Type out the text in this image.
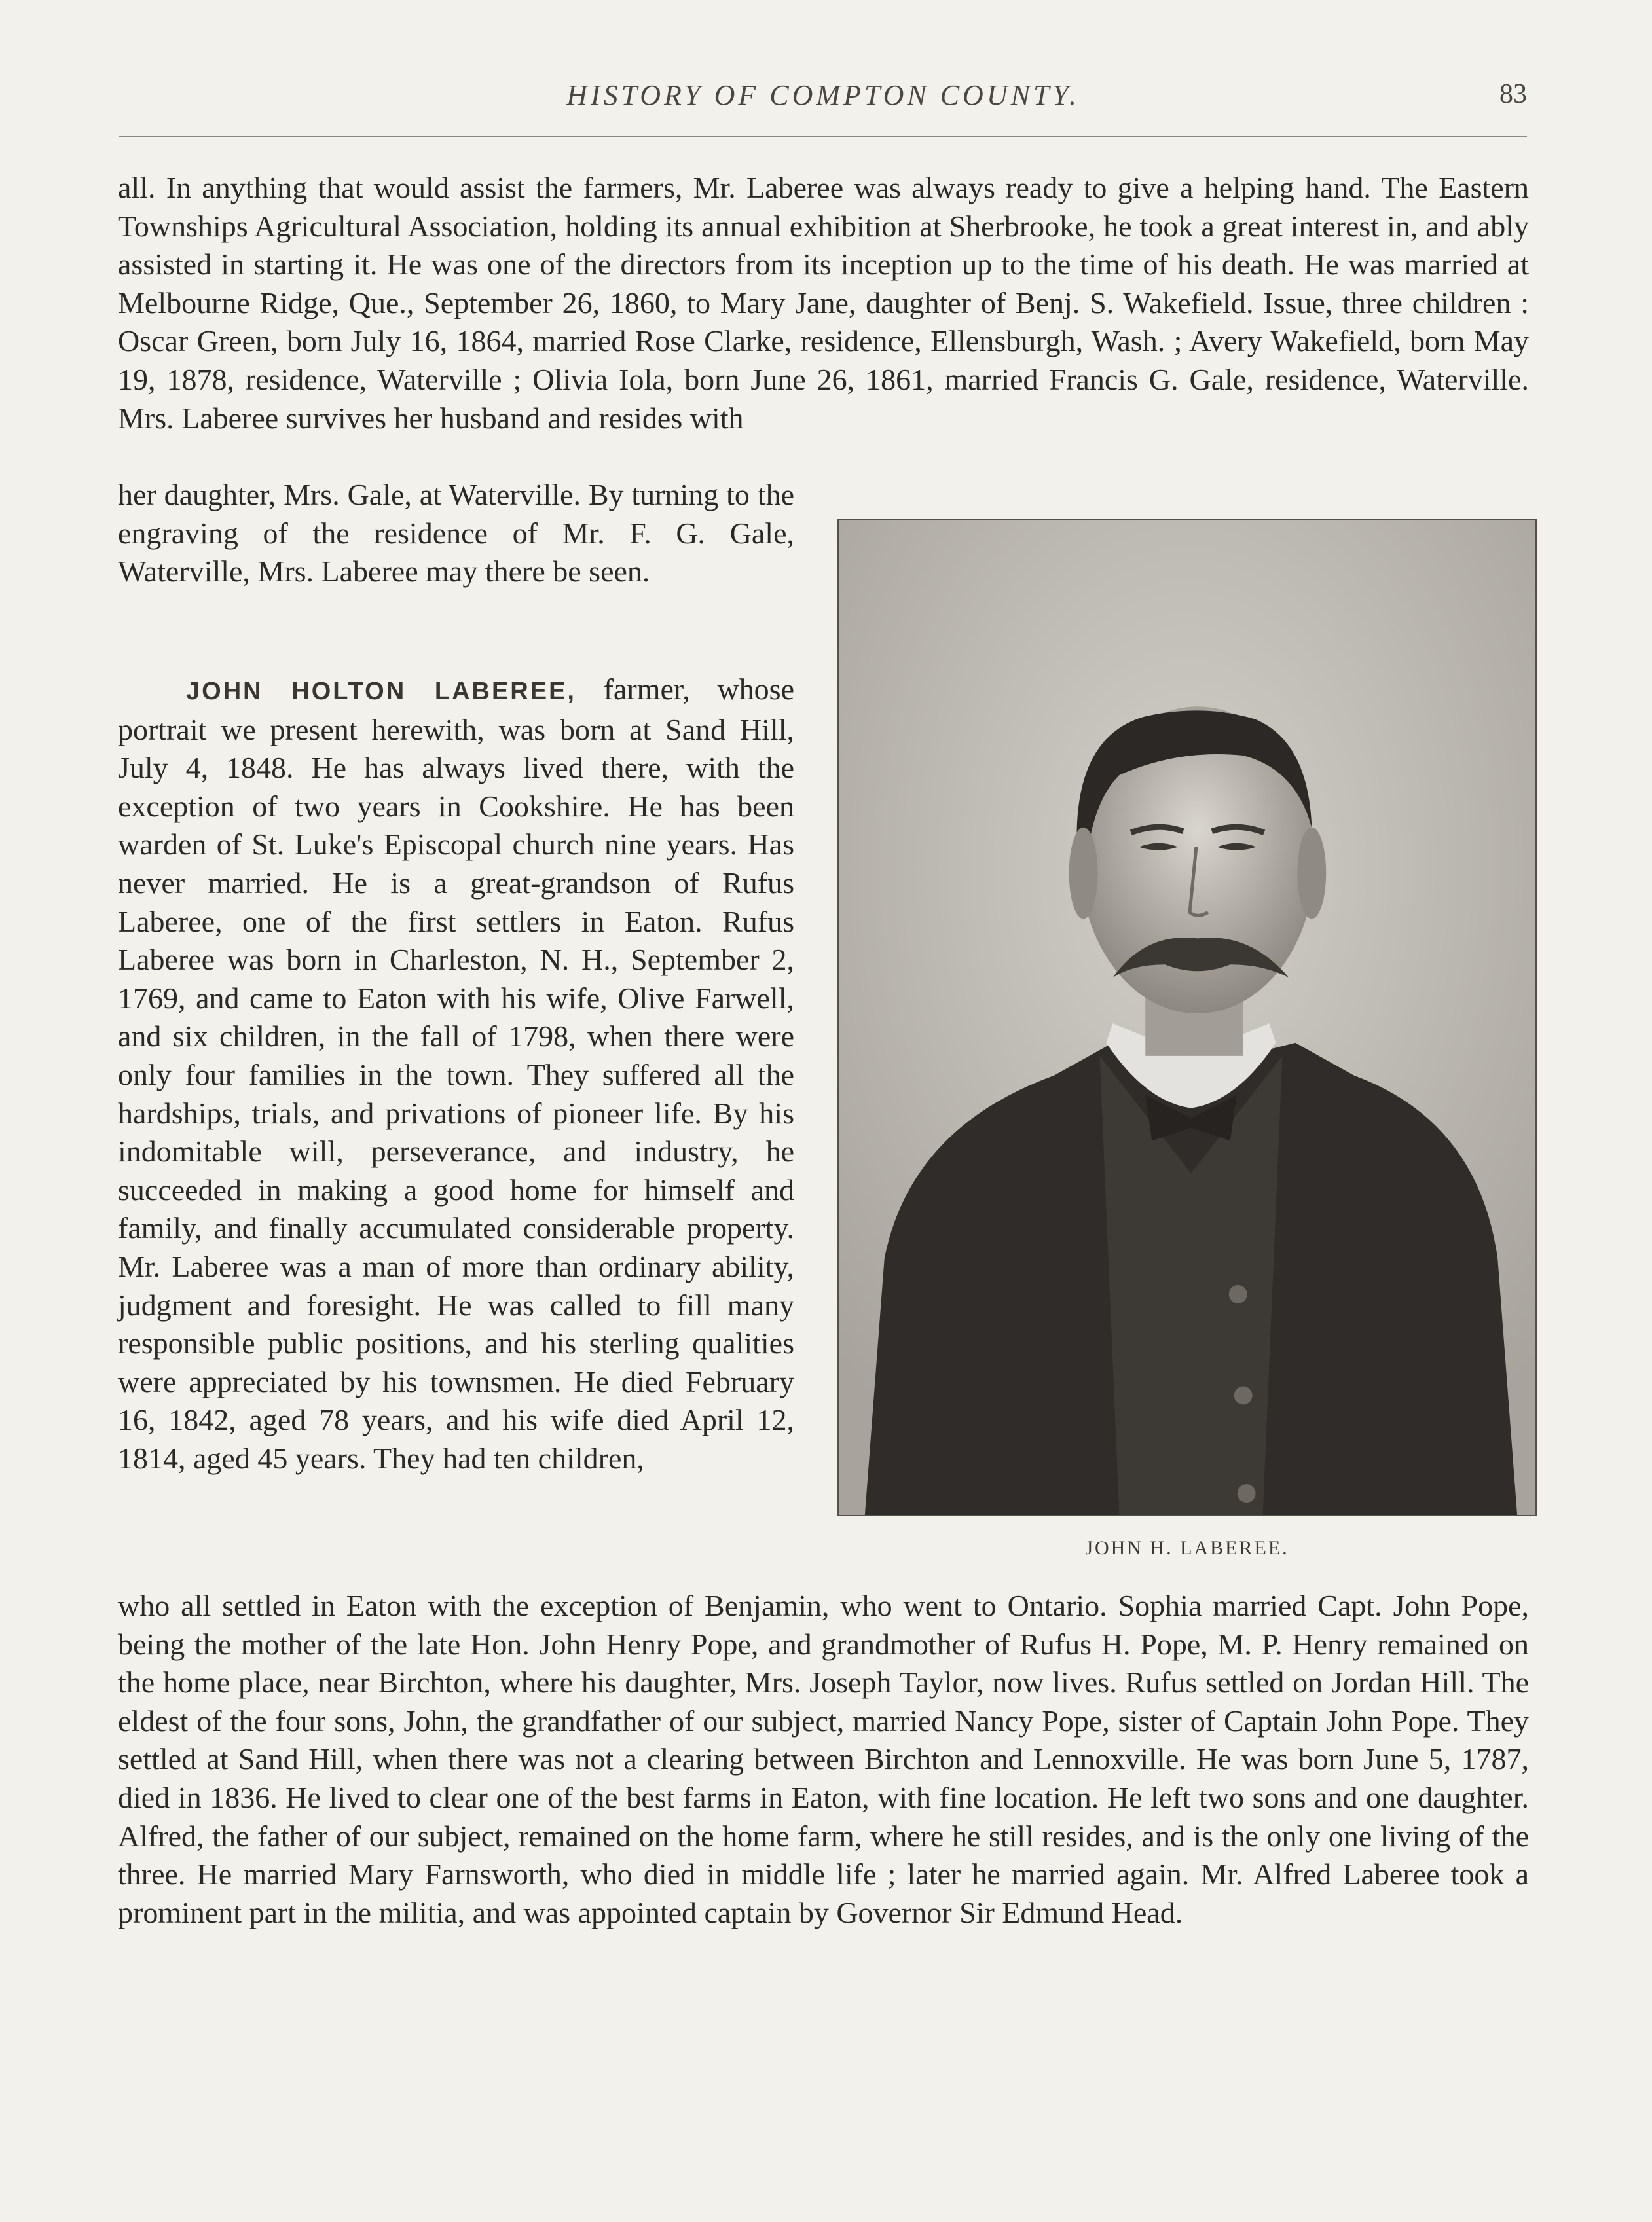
HISTORY OF COMPTON COUNTY.	83

all. In anything that would assist the farmers, Mr. Laberee was always ready to give a helping hand. The Eastern Townships Agricultural Association, holding its annual exhibition at Sherbrooke, he took a great interest in, and ably assisted in starting it. He was one of the directors from its inception up to the time of his death. He was married at Melbourne Ridge, Que., September 26, 1860, to Mary Jane, daughter of Benj. S. Wakefield. Issue, three children : Oscar Green, born July 16, 1864, married Rose Clarke, residence, Ellensburgh, Wash. ; Avery Wakefield, born May 19, 1878, residence, Waterville ; Olivia Iola, born June 26, 1861, married Francis G. Gale, residence, Waterville. Mrs. Laberee survives her husband and resides with

her daughter, Mrs. Gale, at Waterville. By turning to the engraving of the residence of Mr. F. G. Gale, Waterville, Mrs. Laberee may there be seen.

JOHN HOLTON LABEREE, farmer, whose portrait we present herewith, was born at Sand Hill, July 4, 1848. He has always lived there, with the exception of two years in Cookshire. He has been warden of St. Luke's Episcopal church nine years. Has never married. He is a great-grandson of Rufus Laberee, one of the first settlers in Eaton. Rufus Laberee was born in Charleston, N. H., September 2, 1769, and came to Eaton with his wife, Olive Farwell, and six children, in the fall of 1798, when there were only four families in the town. They suffered all the hardships, trials, and privations of pioneer life. By his indomitable will, perseverance, and industry, he succeeded in making a good home for himself and family, and finally accumulated considerable property. Mr. Laberee was a man of more than ordinary ability, judgment and foresight. He was called to fill many responsible public positions, and his sterling qualities were appreciated by his townsmen. He died February 16, 1842, aged 78 years, and his wife died April 12, 1814, aged 45 years. They had ten children,

who all settled in Eaton with the exception of Benjamin, who went to Ontario. Sophia married Capt. John Pope, being the mother of the late Hon. John Henry Pope, and grandmother of Rufus H. Pope, M. P. Henry remained on the home place, near Birchton, where his daughter, Mrs. Joseph Taylor, now lives. Rufus settled on Jordan Hill. The eldest of the four sons, John, the grandfather of our subject, married Nancy Pope, sister of Captain John Pope. They settled at Sand Hill, when there was not a clearing between Birchton and Lennoxville. He was born June 5, 1787, died in 1836. He lived to clear one of the best farms in Eaton, with fine location. He left two sons and one daughter. Alfred, the father of our subject, remained on the home farm, where he still resides, and is the only one living of the three. He married Mary Farnsworth, who died in middle life ; later he married again. Mr. Alfred Laberee took a prominent part in the militia, and was appointed captain by Governor Sir Edmund Head.

JOHN H. LABEREE.
